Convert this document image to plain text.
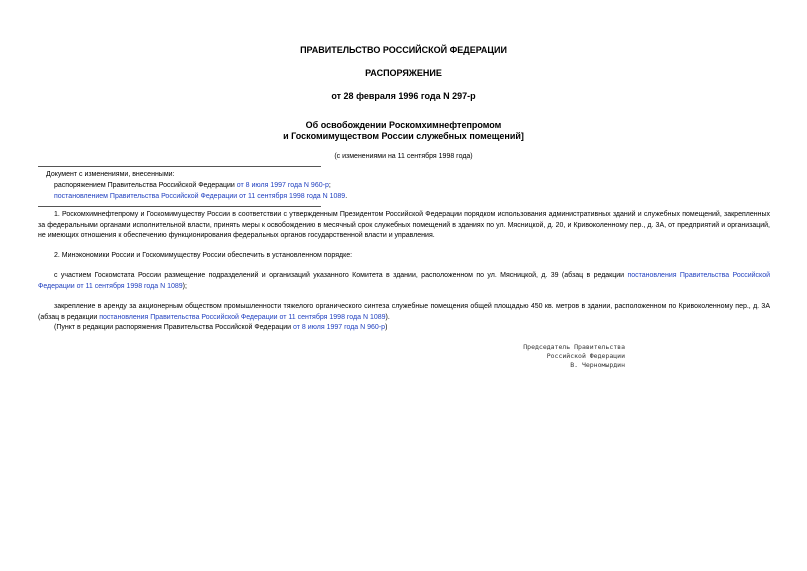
ПРАВИТЕЛЬСТВО РОССИЙСКОЙ ФЕДЕРАЦИИ
РАСПОРЯЖЕНИЕ
от 28 февраля 1996 года N 297-р
Об освобождении Роскомхимнефтепромом
и Госкомимуществом России служебных помещений]
(с изменениями на 11 сентября 1998 года)
Документ с изменениями, внесенными:
распоряжением Правительства Российской Федерации от 8 июля 1997 года N 960-р;
постановлением Правительства Российской Федерации от 11 сентября 1998 года N 1089.
1. Роскомхимнефтепрому и Госкомимуществу России в соответствии с утвержденным Президентом Российской Федерации порядком использования административных зданий и служебных помещений, закрепленных за федеральными органами исполнительной власти, принять меры к освобождению в месячный срок служебных помещений в зданиях по ул. Мясницкой, д. 20, и Кривоколенному пер., д. 3А, от предприятий и организаций, не имеющих отношения к обеспечению функционирования федеральных органов государственной власти и управления.
2. Минэкономики России и Госкомимуществу России обеспечить в установленном порядке:
с участием Госкомстата России размещение подразделений и организаций указанного Комитета в здании, расположенном по ул. Мясницкой, д. 39 (абзац в редакции постановления Правительства Российской Федерации от 11 сентября 1998 года N 1089);
закрепление в аренду за акционерным обществом промышленности тяжелого органического синтеза служебные помещения общей площадью 450 кв. метров в здании, расположенном по Кривоколенному пер., д. 3А (абзац в редакции постановления Правительства Российской Федерации от 11 сентября 1998 года N 1089).
(Пункт в редакции распоряжения Правительства Российской Федерации от 8 июля 1997 года N 960-р)
Председатель Правительства
Российской Федерации
В. Черномырдин
